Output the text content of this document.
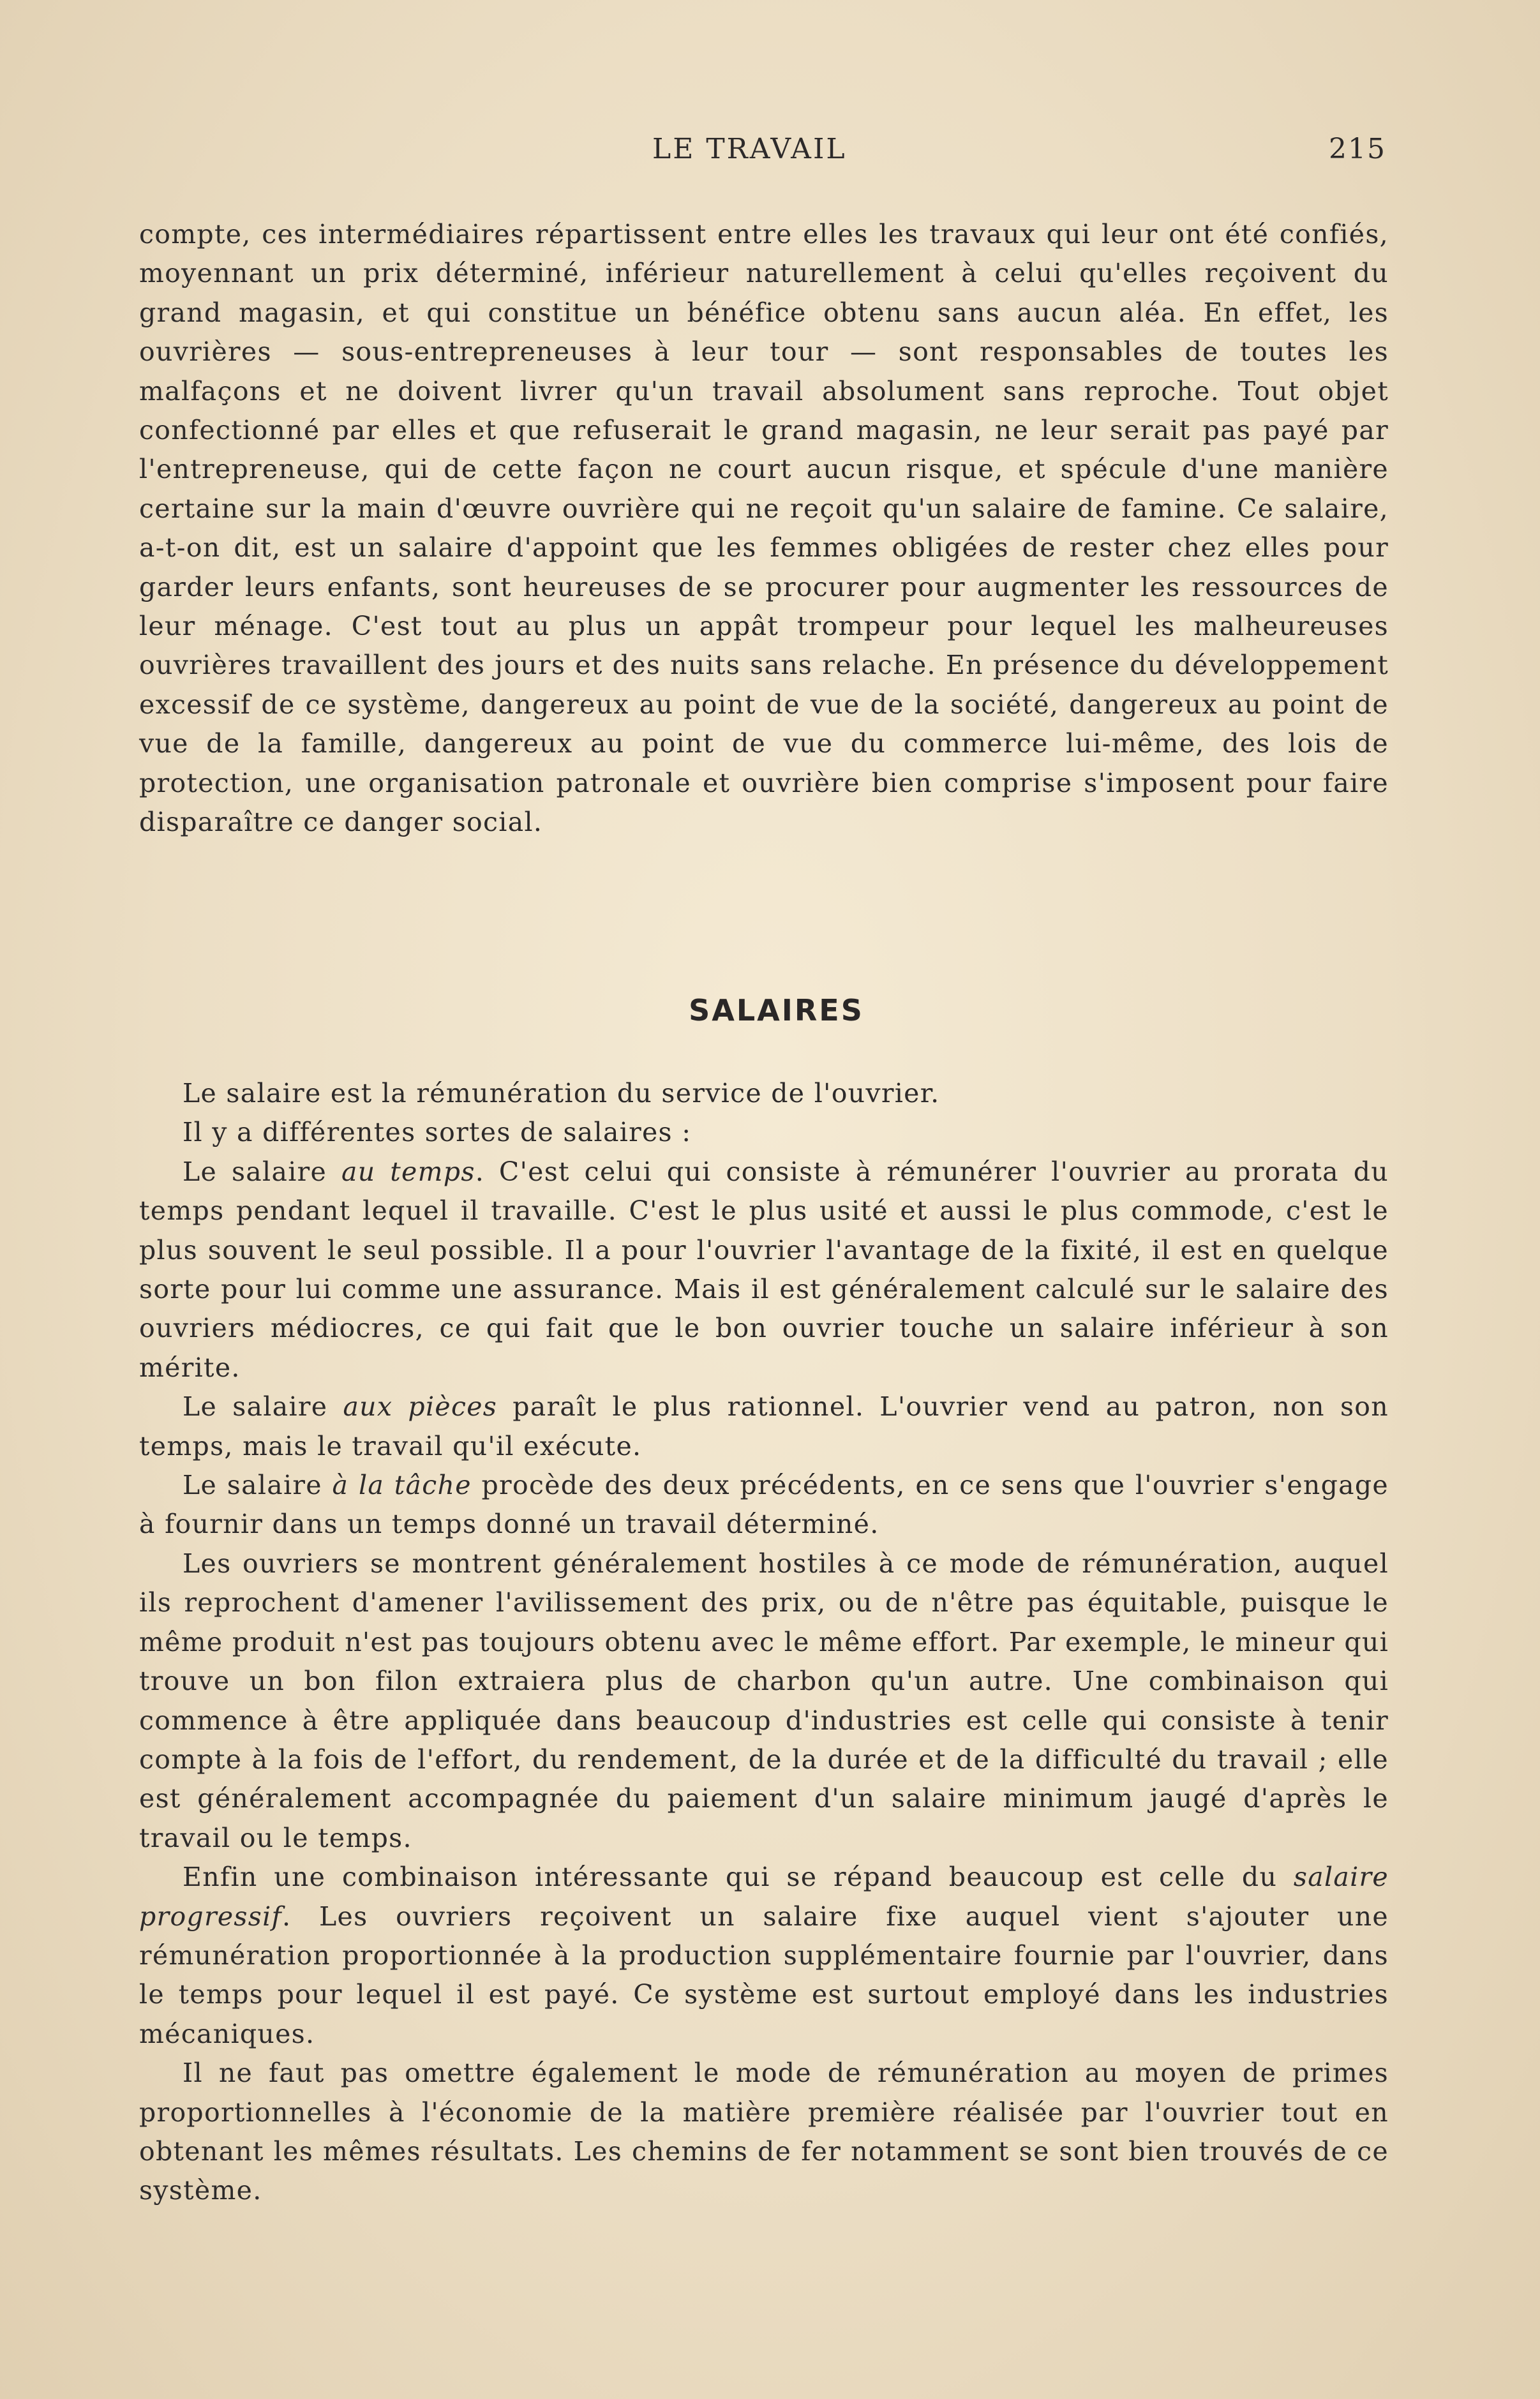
LE TRAVAIL	215

compte, ces intermédiaires répartissent entre elles les travaux qui leur ont été confiés, moyennant un prix déterminé, inférieur naturellement à celui qu'elles reçoivent du grand magasin, et qui constitue un bénéfice obtenu sans aucun aléa. En effet, les ouvrières — sous-entrepreneuses à leur tour — sont responsables de toutes les malfaçons et ne doivent livrer qu'un travail absolument sans reproche. Tout objet confectionné par elles et que refuserait le grand magasin, ne leur serait pas payé par l'entrepreneuse, qui de cette façon ne court aucun risque, et spécule d'une manière certaine sur la main d'œuvre ouvrière qui ne reçoit qu'un salaire de famine. Ce salaire, a-t-on dit, est un salaire d'appoint que les femmes obligées de rester chez elles pour garder leurs enfants, sont heureuses de se procurer pour augmenter les ressources de leur ménage. C'est tout au plus un appât trompeur pour lequel les malheureuses ouvrières travaillent des jours et des nuits sans relache. En présence du développement excessif de ce système, dangereux au point de vue de la société, dangereux au point de vue de la famille, dangereux au point de vue du commerce lui-même, des lois de protection, une organisation patronale et ouvrière bien comprise s'imposent pour faire disparaître ce danger social.

SALAIRES

Le salaire est la rémunération du service de l'ouvrier.

Il y a différentes sortes de salaires :

Le salaire au temps. C'est celui qui consiste à rémunérer l'ouvrier au prorata du temps pendant lequel il travaille. C'est le plus usité et aussi le plus commode, c'est le plus souvent le seul possible. Il a pour l'ouvrier l'avantage de la fixité, il est en quelque sorte pour lui comme une assurance. Mais il est généralement calculé sur le salaire des ouvriers médiocres, ce qui fait que le bon ouvrier touche un salaire inférieur à son mérite.

Le salaire aux pièces paraît le plus rationnel. L'ouvrier vend au patron, non son temps, mais le travail qu'il exécute.

Le salaire à la tâche procède des deux précédents, en ce sens que l'ouvrier s'engage à fournir dans un temps donné un travail déterminé.

Les ouvriers se montrent généralement hostiles à ce mode de rémunération, auquel ils reprochent d'amener l'avilissement des prix, ou de n'être pas équitable, puisque le même produit n'est pas toujours obtenu avec le même effort. Par exemple, le mineur qui trouve un bon filon extraiera plus de charbon qu'un autre. Une combinaison qui commence à être appliquée dans beaucoup d'industries est celle qui consiste à tenir compte à la fois de l'effort, du rendement, de la durée et de la difficulté du travail ; elle est généralement accompagnée du paiement d'un salaire minimum jaugé d'après le travail ou le temps.

Enfin une combinaison intéressante qui se répand beaucoup est celle du salaire progressif. Les ouvriers reçoivent un salaire fixe auquel vient s'ajouter une rémunération proportionnée à la production supplémentaire fournie par l'ouvrier, dans le temps pour lequel il est payé. Ce système est surtout employé dans les industries mécaniques.

Il ne faut pas omettre également le mode de rémunération au moyen de primes proportionnelles à l'économie de la matière première réalisée par l'ouvrier tout en obtenant les mêmes résultats. Les chemins de fer notamment se sont bien trouvés de ce système.
